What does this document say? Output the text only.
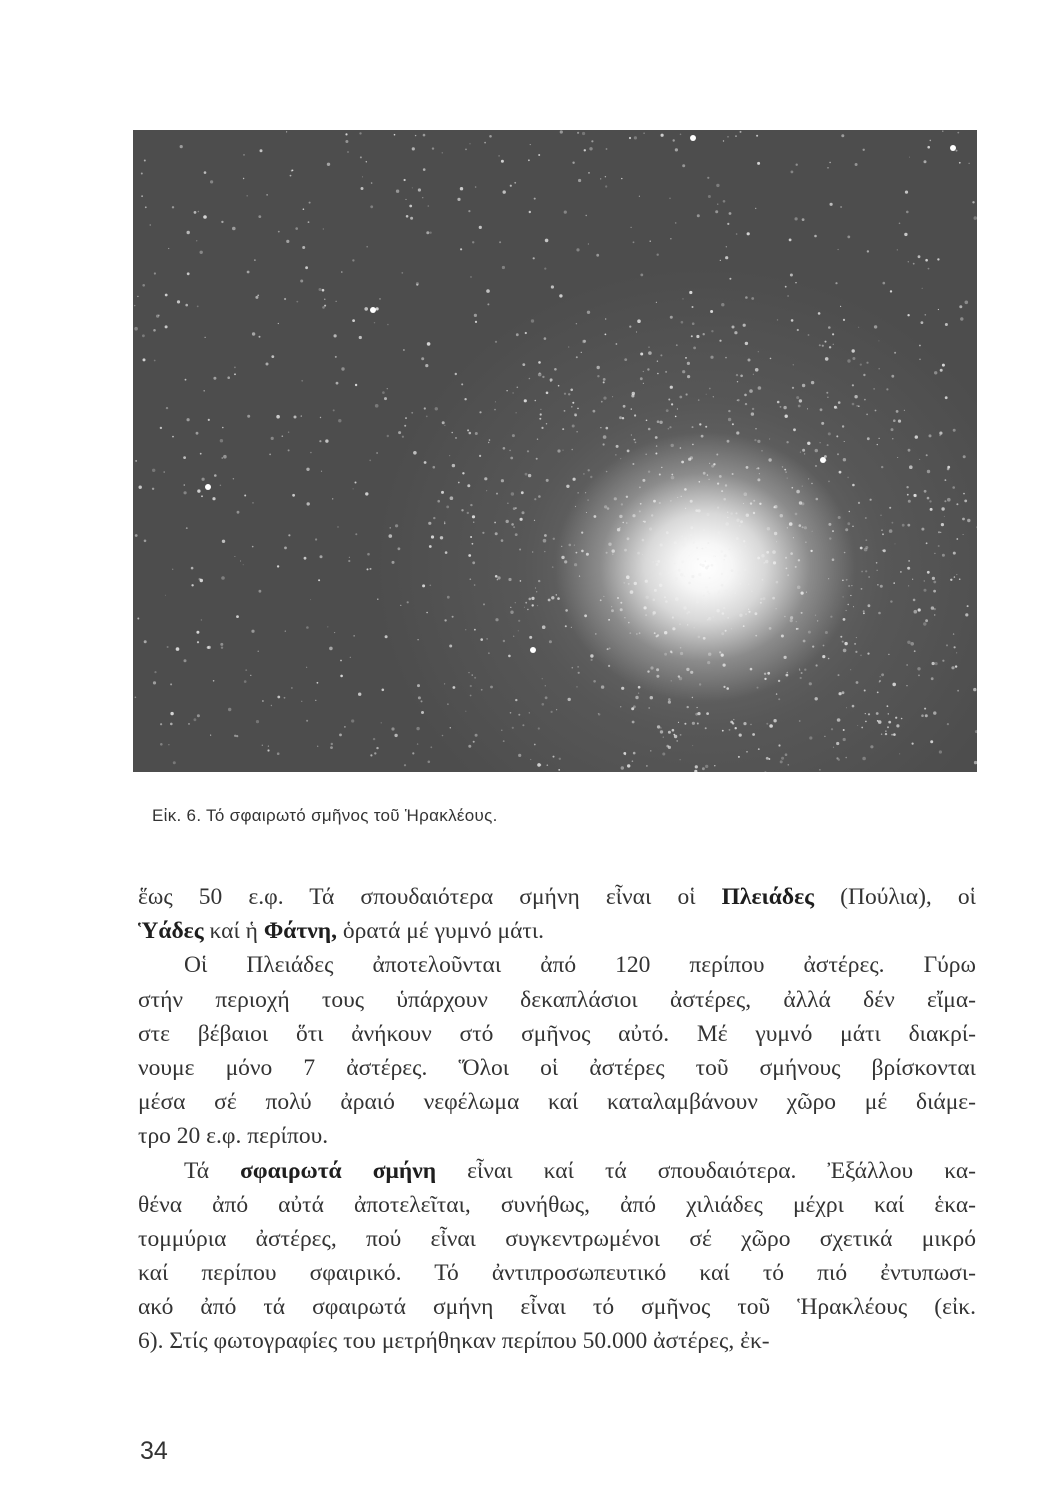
Εἰκ. 6. Τό σφαιρωτό σμῆνος τοῦ Ἡρακλέους.
ἕως 50 ε.φ. Τά σπουδαιότερα σμήνη εἶναι οἱ Πλειάδες (Πούλια), οἱ
Ὑάδες καί ἡ Φάτνη, ὁρατά μέ γυμνό μάτι.
Οἱ Πλειάδες ἀποτελοῦνται ἀπό 120 περίπου ἀστέρες. Γύρω
στήν περιοχή τους ὑπάρχουν δεκαπλάσιοι ἀστέρες, ἀλλά δέν εἴμα-
στε βέβαιοι ὅτι ἀνήκουν στό σμῆνος αὐτό. Μέ γυμνό μάτι διακρί-
νουμε μόνο 7 ἀστέρες. Ὅλοι οἱ ἀστέρες τοῦ σμήνους βρίσκονται
μέσα σέ πολύ ἀραιό νεφέλωμα καί καταλαμβάνουν χῶρο μέ διάμε-
τρο 20 ε.φ. περίπου.
Τά σφαιρωτά σμήνη εἶναι καί τά σπουδαιότερα. Ἐξάλλου κα-
θένα ἀπό αὐτά ἀποτελεῖται, συνήθως, ἀπό χιλιάδες μέχρι καί ἑκα-
τομμύρια ἀστέρες, πού εἶναι συγκεντρωμένοι σέ χῶρο σχετικά μικρό
καί περίπου σφαιρικό. Τό ἀντιπροσωπευτικό καί τό πιό ἐντυπωσι-
ακό ἀπό τά σφαιρωτά σμήνη εἶναι τό σμῆνος τοῦ Ἡρακλέους (εἰκ.
6). Στίς φωτογραφίες του μετρήθηκαν περίπου 50.000 ἀστέρες, ἐκ-
34
